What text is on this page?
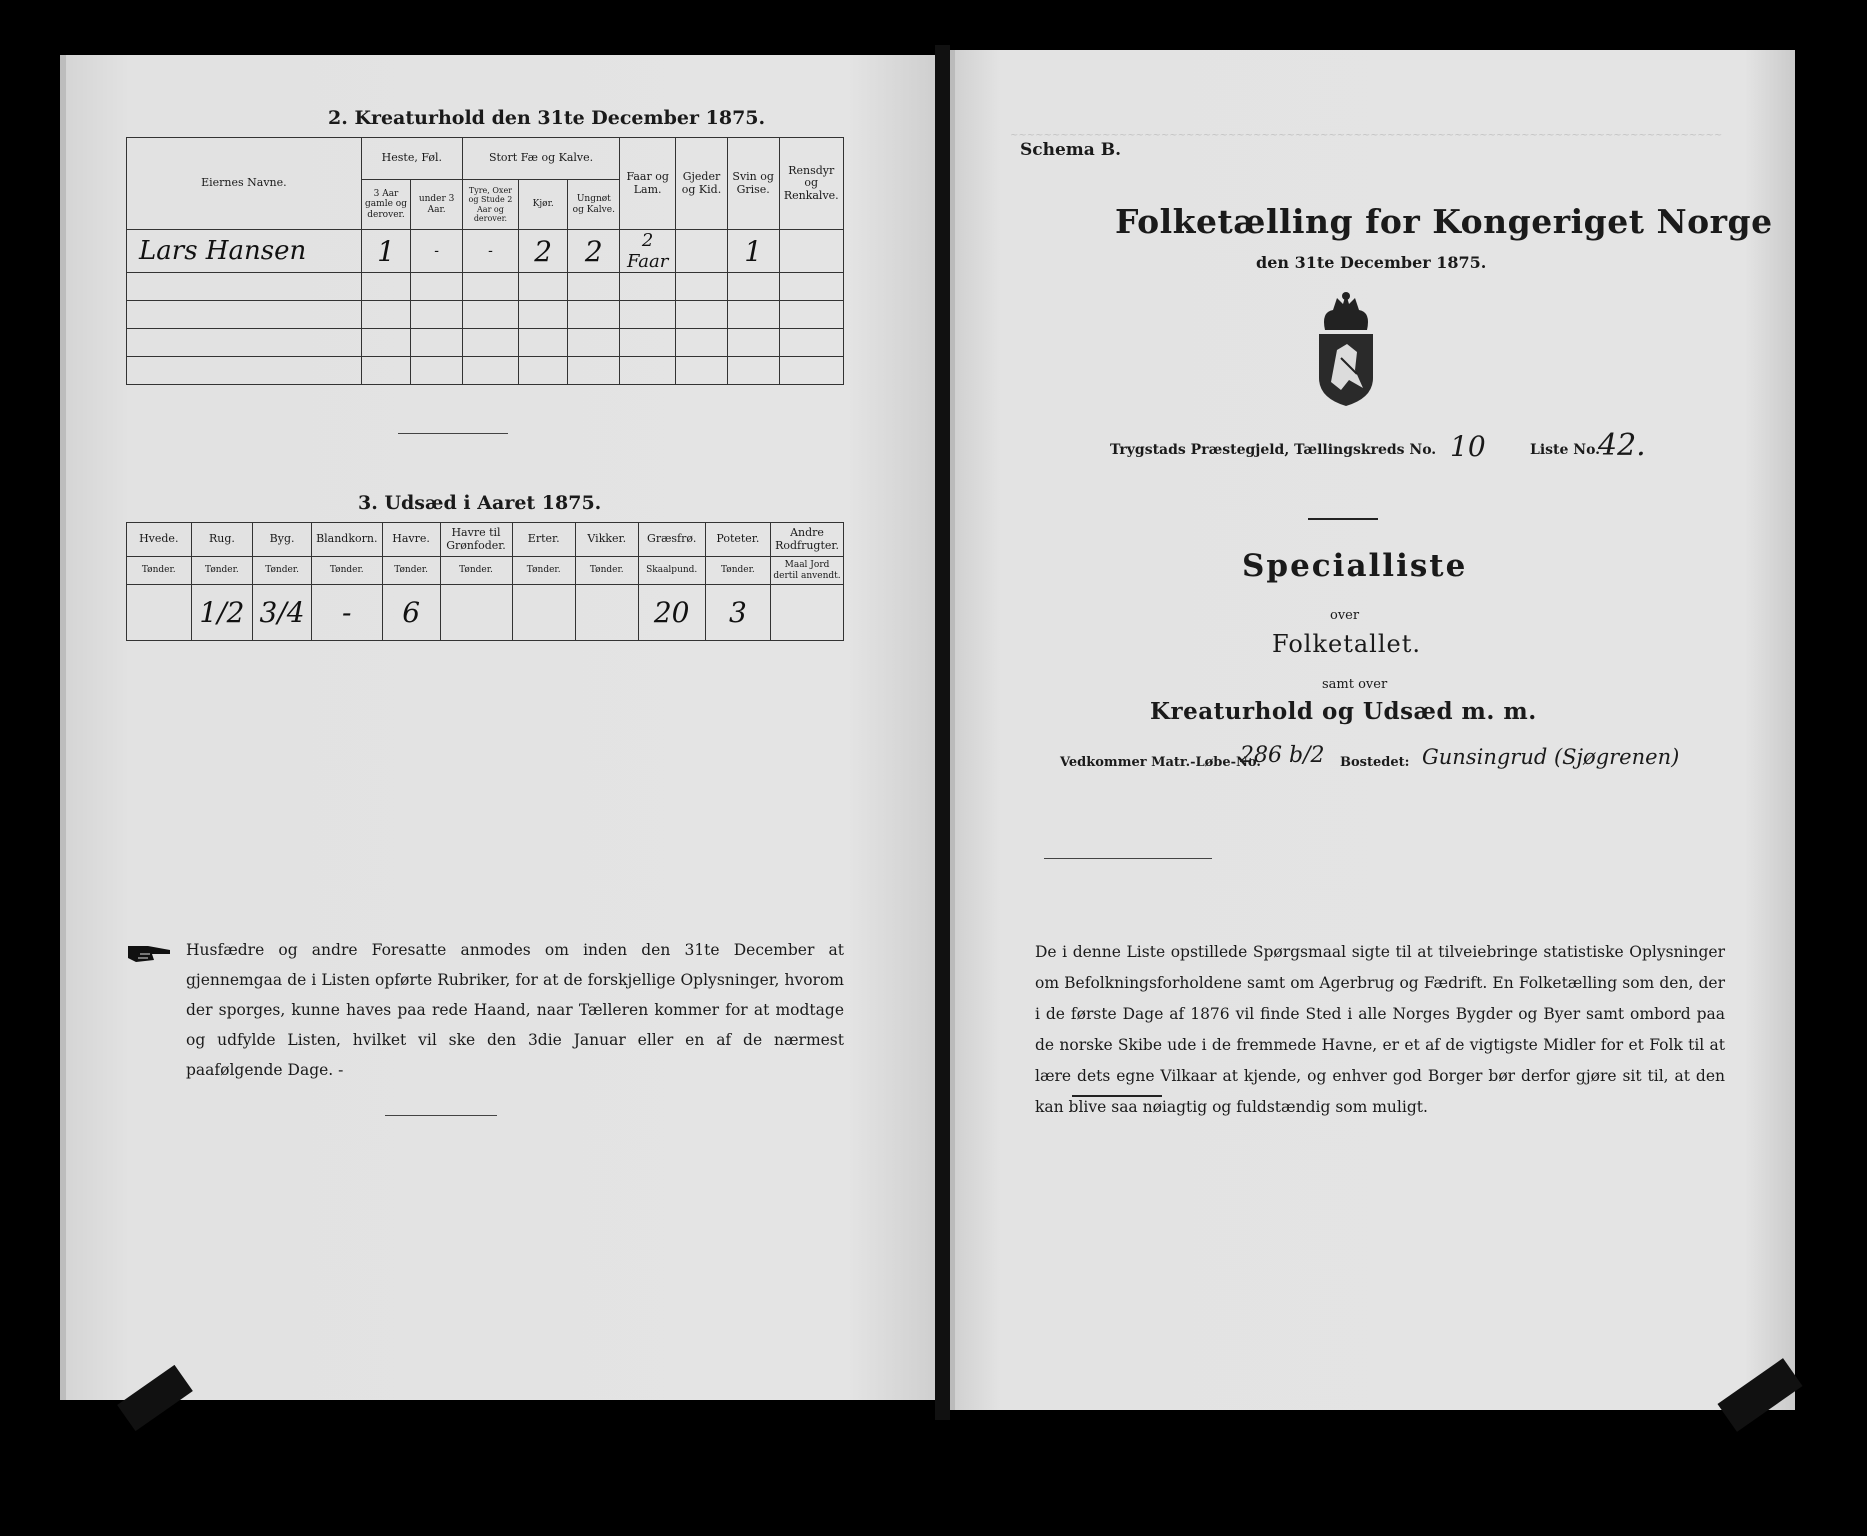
2. Kreaturhold den 31te December 1875.
Eiernes Navne.	Heste, Føl.		Stort Fæ og Kalve.			Faar og Lam.	Gjeder og Kid.	Svin og Grise.	Rensdyr og Renkalve.
	3 Aar gamle og derover.	under 3 Aar.	Tyre, Oxer og Stude 2 Aar og derover.	Kjør.	Ungnøt og Kalve.				
Lars Hansen	1	-	-	2	2	2 Faar		1	

3. Udsæd i Aaret 1875.
Hvede.	Rug.	Byg.	Blandkorn.	Havre.	Havre til Grønfoder.	Erter.	Vikker.	Græsfrø.	Poteter.	Andre Rodfrugter.
Tønder.	Tønder.	Tønder.	Tønder.	Tønder.	Tønder.	Tønder.	Tønder.	Skaalpund.	Tønder.	Maal Jord dertil anvendt.
	1/2	3/4	-	6				20	3	
Husfædre og andre Foresatte anmodes om inden den 31te December at gjennemgaa de i Listen opførte Rubriker, for at de forskjellige Oplysninger, hvorom der sporges, kunne haves paa rede Haand, naar Tælleren kommer for at modtage og udfylde Listen, hvilket vil ske den 3die Januar eller en af de nærmest paafølgende Dage. -
~~~~~~~~~~~~~~~~~~~~~~~~~~~~~~~~~~~~~~~~~~~~~~~~~~~~~~~~~~~~~~~~~~~~~~~~~~~~~~~~~~~~~
Schema B.
Folketælling for Kongeriget Norge
den 31te December 1875.
Trygstads Præstegjeld, Tællingskreds No. 10	Liste No.
42.
Specialliste
over
Folketallet.
samt over
Kreaturhold og Udsæd m. m.
Vedkommer Matr.-Løbe-No.
286 b/2 Bostedet: Gunsingrud (Sjøgrenen)
De i denne Liste opstillede Spørgsmaal sigte til at tilveiebringe statistiske Oplysninger om Befolkningsforholdene samt om Agerbrug og Fædrift. En Folketælling som den, der i de første Dage af 1876 vil finde Sted i alle Norges Bygder og Byer samt ombord paa de norske Skibe ude i de fremmede Havne, er et af de vigtigste Midler for et Folk til at lære dets egne Vilkaar at kjende, og enhver god Borger bør derfor gjøre sit til, at den kan blive saa nøiagtig og fuldstændig som muligt.
